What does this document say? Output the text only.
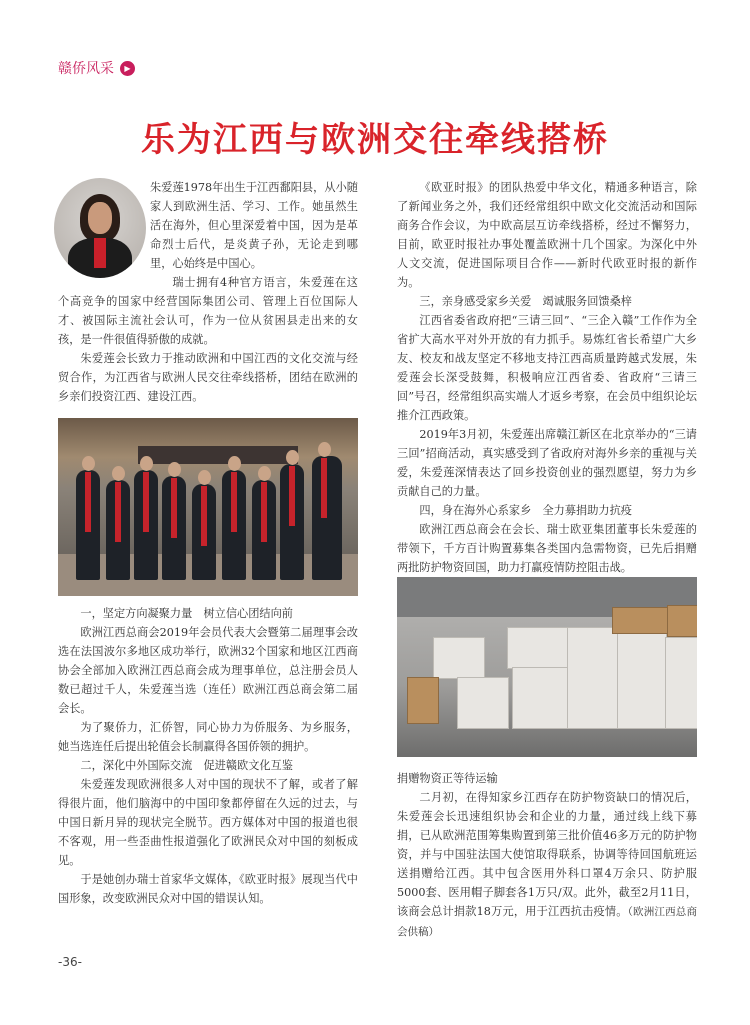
赣侨风采	▶
乐为江西与欧洲交往牵线搭桥

朱爱莲1978年出生于江西鄱阳县，从小随家人到欧洲生活、学习、工作。她虽然生活在海外，但心里深爱着中国，因为是革命烈士后代，是炎黄子孙，无论走到哪里，心始终是中国心。

瑞士拥有4种官方语言，朱爱莲在这个高竞争的国家中经营国际集团公司、管理上百位国际人才、被国际主流社会认可，作为一位从贫困县走出来的女孩，是一件很值得骄傲的成就。

朱爱莲会长致力于推动欧洲和中国江西的文化交流与经贸合作，为江西省与欧洲人民交往牵线搭桥，团结在欧洲的乡亲们投资江西、建设江西。

一，坚定方向凝聚力量　树立信心团结向前

欧洲江西总商会2019年会员代表大会暨第二届理事会改选在法国波尔多地区成功举行，欧洲32个国家和地区江西商协会全部加入欧洲江西总商会成为理事单位，总注册会员人数已超过千人，朱爱莲当选（连任）欧洲江西总商会第二届会长。

为了聚侨力，汇侨智，同心协力为侨服务、为乡服务，她当选连任后提出轮值会长制赢得各国侨领的拥护。

二，深化中外国际交流　促进赣欧文化互鉴

朱爱莲发现欧洲很多人对中国的现状不了解，或者了解得很片面，他们脑海中的中国印象都停留在久远的过去，与中国日新月异的现状完全脱节。西方媒体对中国的报道也很不客观，用一些歪曲性报道强化了欧洲民众对中国的刻板成见。

于是她创办瑞士首家华文媒体，《欧亚时报》展现当代中国形象，改变欧洲民众对中国的错误认知。

《欧亚时报》的团队热爱中华文化，精通多种语言，除了新闻业务之外，我们还经常组织中欧文化交流活动和国际商务合作会议，为中欧高层互访牵线搭桥，经过不懈努力，目前，欧亚时报社办事处覆盖欧洲十几个国家。为深化中外人文交流，促进国际项目合作——新时代欧亚时报的新作为。

三，亲身感受家乡关爱　竭诚服务回馈桑梓

江西省委省政府把“三请三回”、“三企入赣”工作作为全省扩大高水平对外开放的有力抓手。易炼红省长希望广大乡友、校友和战友坚定不移地支持江西高质量跨越式发展，朱爱莲会长深受鼓舞，积极响应江西省委、省政府“三请三回”号召，经常组织高实端人才返乡考察，在会员中组织论坛推介江西政策。

2019年3月初，朱爱莲出席赣江新区在北京举办的“三请三回”招商活动，真实感受到了省政府对海外乡亲的重视与关爱，朱爱莲深情表达了回乡投资创业的强烈愿望，努力为乡贡献自己的力量。

四，身在海外心系家乡　全力募捐助力抗疫

欧洲江西总商会在会长、瑞士欧亚集团董事长朱爱莲的带领下，千方百计购置募集各类国内急需物资，已先后捐赠两批防护物资回国，助力打赢疫情防控阻击战。

捐赠物资正等待运输

二月初，在得知家乡江西存在防护物资缺口的情况后，朱爱莲会长迅速组织协会和企业的力量，通过线上线下募捐，已从欧洲范围筹集购置到第三批价值46多万元的防护物资，并与中国驻法国大使馆取得联系，协调等待回国航班运送捐赠给江西。其中包含医用外科口罩4万余只、防护服5000套、医用帽子脚套各1万只/双。此外，截至2月11日，该商会总计捐款18万元，用于江西抗击疫情。（欧洲江西总商会供稿）

-36-
